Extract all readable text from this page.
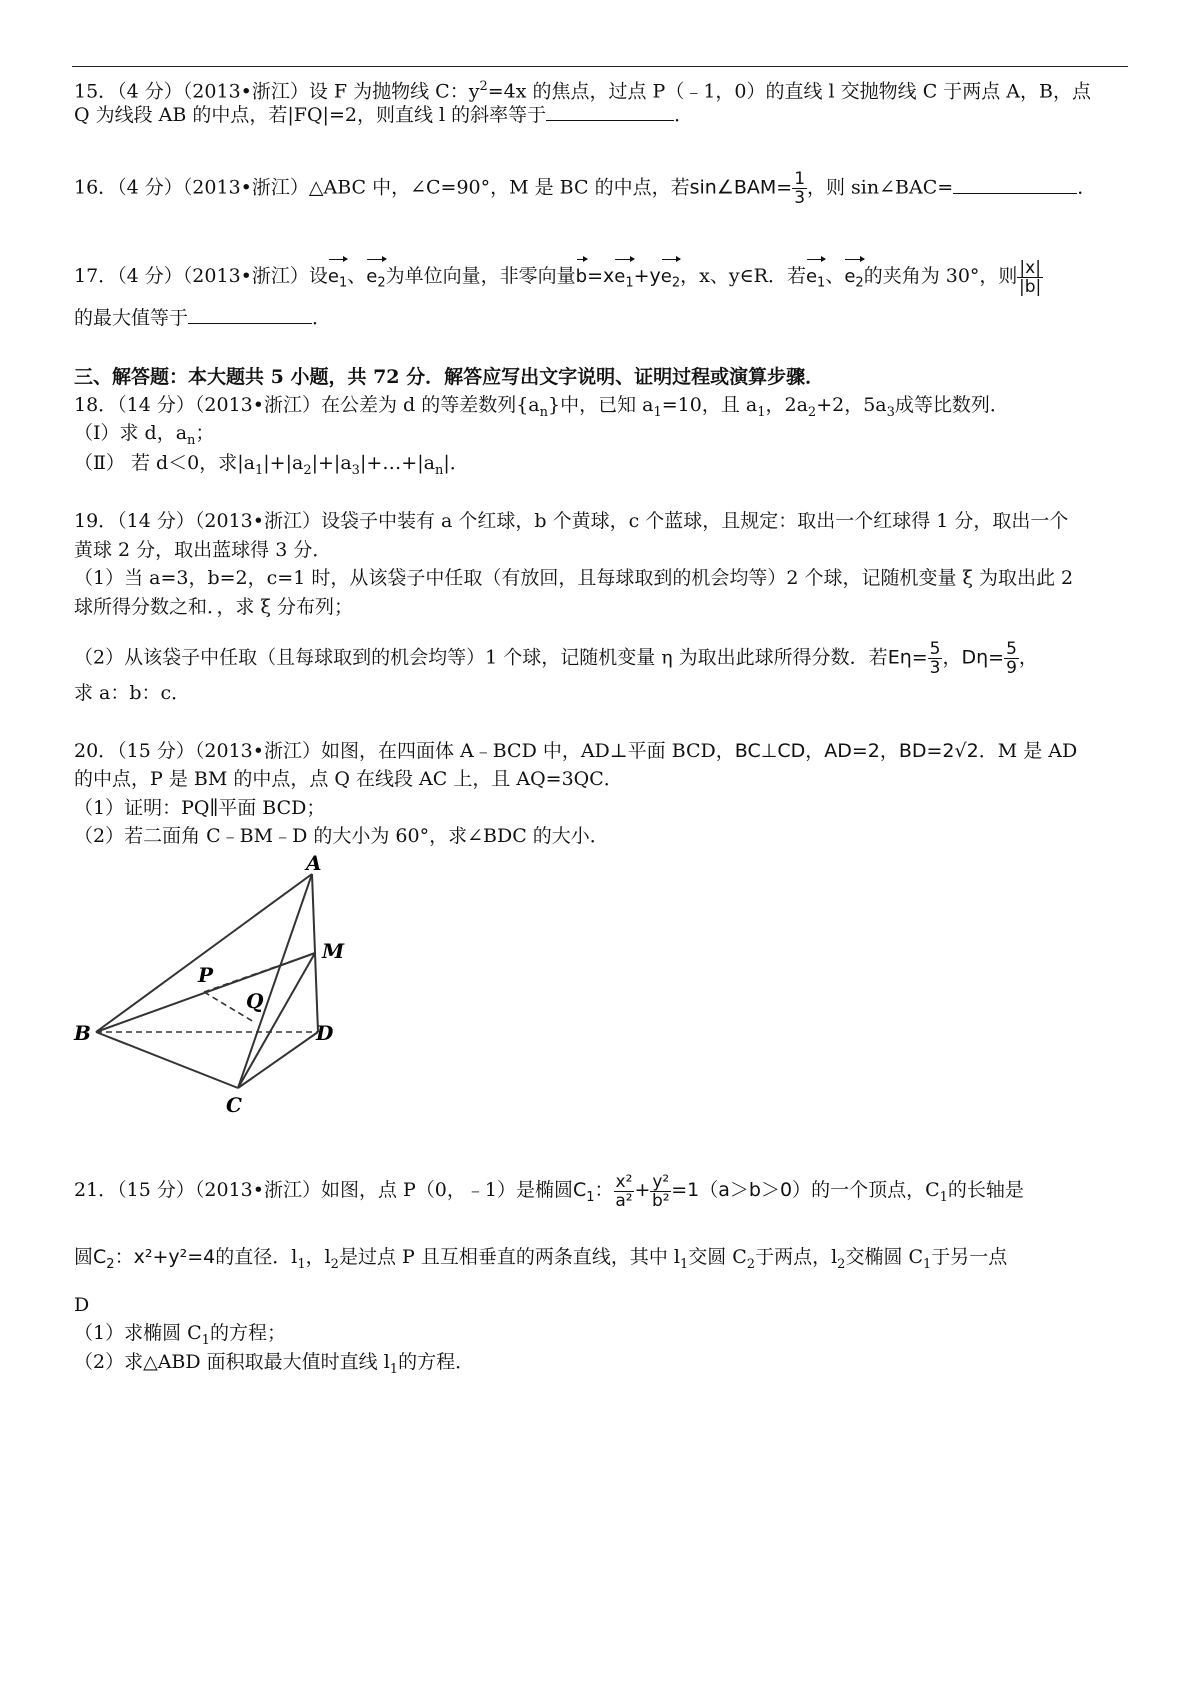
15．（4 分）（2013•浙江）设 F 为抛物线 C：$y^2=4x$ 的焦点，过点 P（﹣1，0）的直线 l 交抛物线 C 于两点 A，B，点
Q 为线段 AB 的中点，若|FQ|=2，则直线 l 的斜率等于	．
16．（4 分）（2013•浙江）△ABC 中，∠C=90°，M 是 BC 的中点，若sin∠BAM= $\frac{1}{3}$ ，则 sin∠BAC=	．
17．（4 分）（2013•浙江）设$e_1$、$e_2$为单位向量，非零向量$b=xe_1+ye_2$，x、y∈R．若$e_1$、$e_2$的夹角为 30°，则 $\frac{|x|}{|b|}$
的最大值等于	．
三、解答题：本大题共 5 小题，共 72 分．解答应写出文字说明、证明过程或演算步骤．
18．（14 分）（2013•浙江）在公差为 d 的等差数列$\{a_n\}$中，已知 $a_1=10$，且 $a_1$，$2a_2+2$，$5a_3$成等比数列．
（Ⅰ）求 d，$a_n$；
（Ⅱ） 若 d＜0，求$|a_1|+|a_2|+|a_3|+\dots+|a_n|$．
19．（14 分）（2013•浙江）设袋子中装有 a 个红球，b 个黄球，c 个蓝球，且规定：取出一个红球得 1 分，取出一个
黄球 2 分，取出蓝球得 3 分．
（1）当 a=3，b=2，c=1 时，从该袋子中任取（有放回，且每球取到的机会均等）2 个球，记随机变量 ξ 为取出此 2
球所得分数之和．，求 ξ 分布列；
（2）从该袋子中任取（且每球取到的机会均等）1 个球，记随机变量 η 为取出此球所得分数．若$E\eta= \frac{5}{3}$ ，$D\eta= \frac{5}{9}$ ，
求 a：b：c．
20．（15 分）（2013•浙江）如图，在四面体 A﹣BCD 中，AD⊥平面 BCD，BC⊥CD，AD=2，BD=2√2．M 是 AD
的中点，P 是 BM 的中点，点 Q 在线段 AC 上，且 AQ=3QC．
（1）证明：PQ∥平面 BCD；
（2）若二面角 C﹣BM﹣D 的大小为 60°，求∠BDC 的大小．
A
M
P
Q
B	D
C
21．（15 分）（2013•浙江）如图，点 P（0，﹣1）是椭圆$C_1$： $\frac{\text{x²}}{\text{a²}} + \frac{\text{y²}}{\text{b²}} =1(a>b>0)$的一个顶点，$C_1$的长轴是
圆$C_2$：x²+y²=4的直径．$l_1$，$l_2$是过点 P 且互相垂直的两条直线，其中 $l_1$交圆 $C_2$于两点，$l_2$交椭圆 $C_1$于另一点
D
（1）求椭圆 $C_1$的方程；
（2）求△ABD 面积取最大值时直线 $l_1$的方程．
